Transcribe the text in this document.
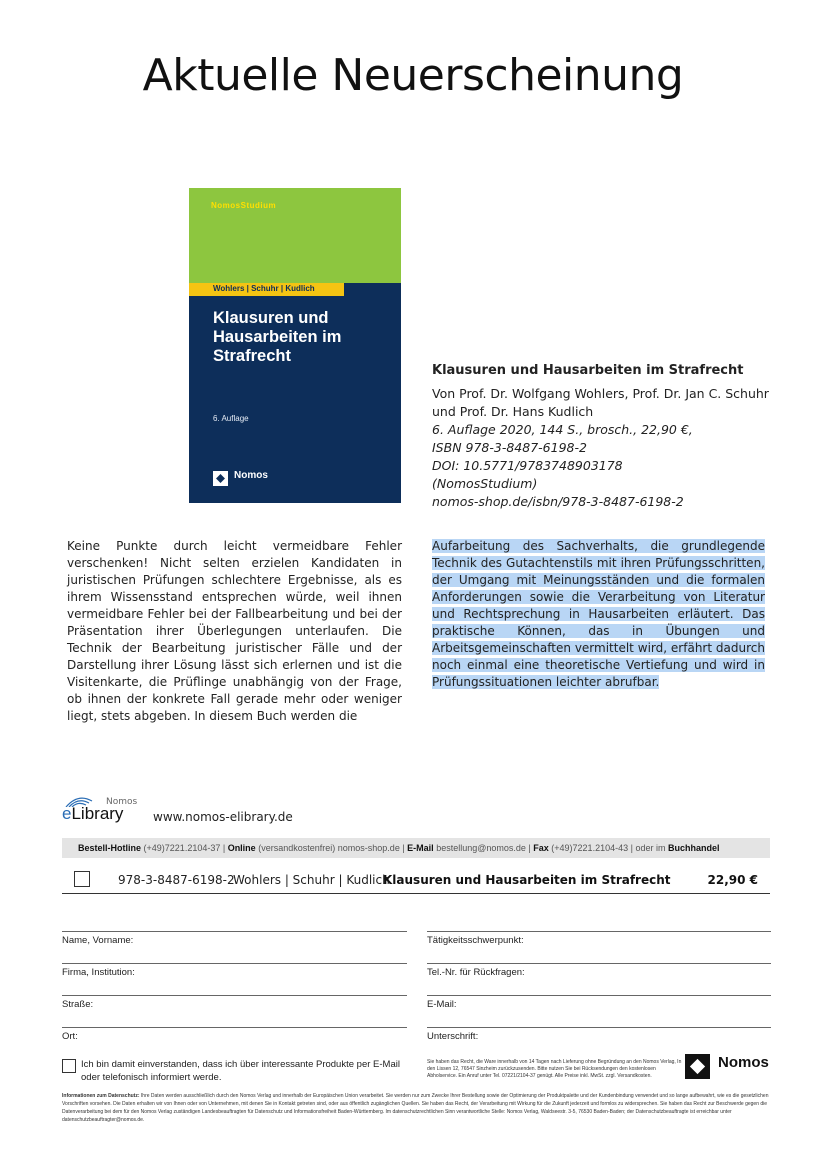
Aktuelle Neuerscheinung
NomosStudium
Wohlers | Schuhr | Kudlich
Klausuren und Hausarbeiten im Strafrecht
6. Auflage
Nomos
Klausuren und Hausarbeiten im Strafrecht
Von Prof. Dr. Wolfgang Wohlers, Prof. Dr. Jan C. Schuhr
und Prof. Dr. Hans Kudlich
6. Auflage 2020, 144 S., brosch., 22,90 €,
ISBN 978-3-8487-6198-2
DOI: 10.5771/9783748903178
(NomosStudium)
nomos-shop.de/isbn/978-3-8487-6198-2
Keine Punkte durch leicht vermeidbare Fehler verschenken! Nicht selten erzielen Kandidaten in juristischen Prüfungen schlechtere Ergebnisse, als es ihrem Wissensstand entsprechen würde, weil ihnen vermeidbare Fehler bei der Fallbearbeitung und bei der Präsentation ihrer Überlegungen unterlaufen. Die Technik der Bearbeitung juristischer Fälle und der Darstellung ihrer Lösung lässt sich erlernen und ist die Visitenkarte, die Prüflinge unabhängig von der Frage, ob ihnen der konkrete Fall gerade mehr oder weniger liegt, stets abgeben. In diesem Buch werden die
Aufarbeitung des Sachverhalts, die grundlegende Technik des Gutachtenstils mit ihren Prüfungsschritten, der Umgang mit Meinungsständen und die formalen Anforderungen sowie die Verarbeitung von Literatur und Rechtsprechung in Hausarbeiten erläutert. Das praktische Können, das in Übungen und Arbeitsgemeinschaften vermittelt wird, erfährt dadurch noch einmal eine theoretische Vertiefung und wird in Prüfungssituationen leichter abrufbar.
Nomos
eLibrary www.nomos-elibrary.de
Bestell-Hotline (+49)7221.2104-37 | Online (versandkostenfrei) nomos-shop.de | E-Mail bestellung@nomos.de | Fax (+49)7221.2104-43 | oder im Buchhandel
978-3-8487-6198-2
Wohlers | Schuhr | Kudlich
Klausuren und Hausarbeiten im Strafrecht	22,90 €
Name, Vorname:
Firma, Institution:
Straße:
Ort:
Tätigkeitsschwerpunkt:
Tel.-Nr. für Rückfragen:
E-Mail:
Unterschrift:
Ich bin damit einverstanden, dass ich über interessante Produkte per E-Mail oder telefonisch informiert werde.
Sie haben das Recht, die Ware innerhalb von 14 Tagen nach Lieferung ohne Begründung an den Nomos Verlag, In den Lissen 12, 76547 Sinzheim zurückzusenden. Bitte nutzen Sie bei Rücksendungen den kostenlosen Abholservice. Ein Anruf unter Tel. 07221/2104-37 genügt. Alle Preise inkl. MwSt. zzgl. Versandkosten.
Nomos
Informationen zum Datenschutz: Ihre Daten werden ausschließlich durch den Nomos Verlag und innerhalb der Europäischen Union verarbeitet. Sie werden nur zum Zwecke Ihrer Bestellung sowie der Optimierung der Produktpalette und der Kundenbindung verwendet und so lange aufbewahrt, wie es die gesetzlichen Vorschriften vorsehen. Die Daten erhalten wir von Ihnen oder von Unternehmen, mit denen Sie in Kontakt getreten sind, oder aus öffentlich zugänglichen Quellen. Sie haben das Recht, der Verarbeitung mit Wirkung für die Zukunft jederzeit und formlos zu widersprechen. Sie haben das Recht zur Beschwerde gegen die Datenverarbeitung bei dem für den Nomos Verlag zuständigen Landesbeauftragten für Datenschutz und Informationsfreiheit Baden-Württemberg. Im datenschutzrechtlichen Sinn verantwortliche Stelle: Nomos Verlag, Waldseestr. 3-5, 76530 Baden-Baden; der Datenschutzbeauftragte ist erreichbar unter datenschutzbeauftragter@nomos.de.
